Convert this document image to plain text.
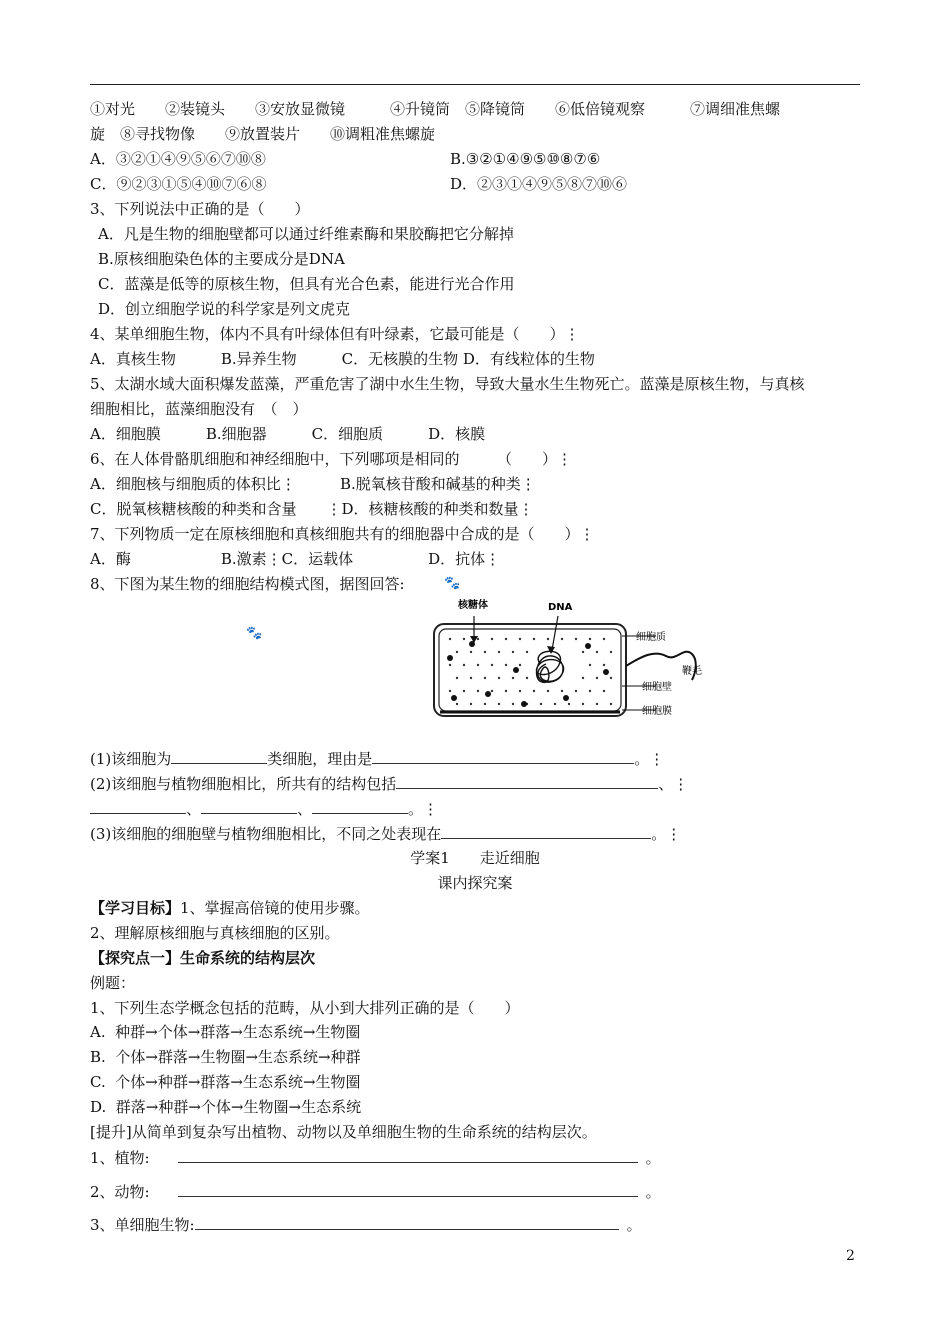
①对光　　②装镜头　　③安放显微镜　　　④升镜筒　⑤降镜筒　　⑥低倍镜观察　　　⑦调细准焦螺
旋　⑧寻找物像　　⑨放置装片　　⑩调粗准焦螺旋
A．③②①④⑨⑤⑥⑦⑩⑧	B.③②①④⑨⑤⑩⑧⑦⑥
C．⑨②③①⑤④⑩⑦⑥⑧	D．②③①④⑨⑤⑧⑦⑩⑥
3、下列说法中正确的是（　　）
A．凡是生物的细胞壁都可以通过纤维素酶和果胶酶把它分解掉
B.原核细胞染色体的主要成分是DNA
C．蓝藻是低等的原核生物，但具有光合色素，能进行光合作用
D．创立细胞学说的科学家是列文虎克
4、某单细胞生物，体内不具有叶绿体但有叶绿素，它最可能是（　　）⋮
A．真核生物　　　B.异养生物　　　C．无核膜的生物 D．有线粒体的生物
5、太湖水域大面积爆发蓝藻，严重危害了湖中水生生物，导致大量水生生物死亡。蓝藻是原核生物，与真核
细胞相比，蓝藻细胞没有　（　）
A．细胞膜　　　B.细胞器　　　C．细胞质　　　D．核膜
6、在人体骨骼肌细胞和神经细胞中，下列哪项是相同的　　　（　　）⋮
A．细胞核与细胞质的体积比⋮	B.脱氧核苷酸和碱基的种类⋮
C．脱氧核糖核酸的种类和含量　　⋮D．核糖核酸的种类和数量⋮
7、下列物质一定在原核细胞和真核细胞共有的细胞器中合成的是（　　）⋮
A．酶　　　　　　B.激素⋮C．运载体　　　　　D．抗体⋮
8、下图为某生物的细胞结构模式图，据图回答:	🐾
🐾
核糖体	DNA
细胞质
鞭毛
细胞壁
细胞膜
(1)该细胞为	类细胞，理由是	。⋮
(2)该细胞与植物细胞相比，所共有的结构包括	、⋮
、	、	。⋮
(3)该细胞的细胞壁与植物细胞相比，不同之处表现在	。⋮
学案1　　走近细胞
课内探究案
【学习目标】1、掌握高倍镜的使用步骤。
2、理解原核细胞与真核细胞的区别。
【探究点一】生命系统的结构层次
例题：
1、下列生态学概念包括的范畴，从小到大排列正确的是（　　）
A.  种群→个体→群落→生态系统→生物圈
B.  个体→群落→生物圈→生态系统→种群
C.  个体→种群→群落→生态系统→生物圈
D.  群落→种群→个体→生物圈→生态系统
[提升]从简单到复杂写出植物、动物以及单细胞生物的生命系统的结构层次。
1、植物:	。
2、动物:	。
3、单细胞生物:	。
2
